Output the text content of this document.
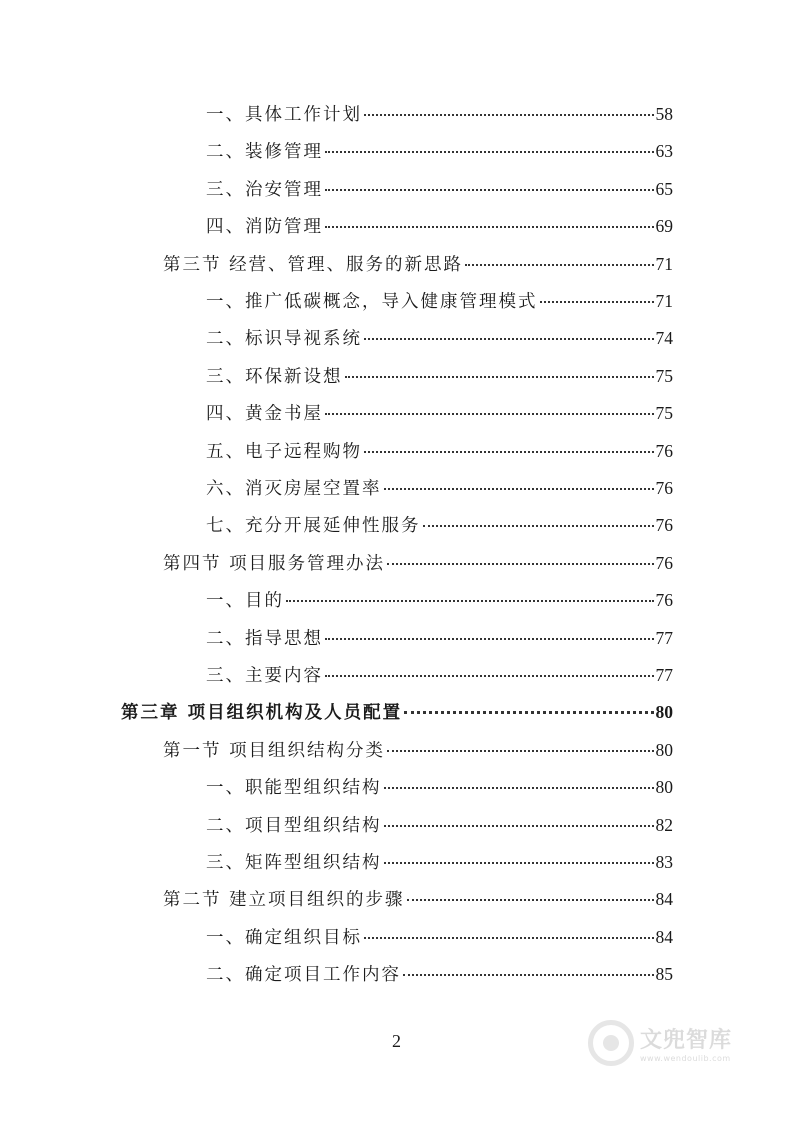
一、具体工作计划	58
二、装修管理	63
三、治安管理	65
四、消防管理	69
第三节 经营、管理、服务的新思路	71
一、推广低碳概念，导入健康管理模式	71
二、标识导视系统	74
三、环保新设想	75
四、黄金书屋	75
五、电子远程购物	76
六、消灭房屋空置率	76
七、充分开展延伸性服务	76
第四节 项目服务管理办法	76
一、目的	76
二、指导思想	77
三、主要内容	77
第三章 项目组织机构及人员配置	80
第一节 项目组织结构分类	80
一、职能型组织结构	80
二、项目型组织结构	82
三、矩阵型组织结构	83
第二节 建立项目组织的步骤	84
一、确定组织目标	84
二、确定项目工作内容	85
2	文兜智库
www.wendoulib.com
